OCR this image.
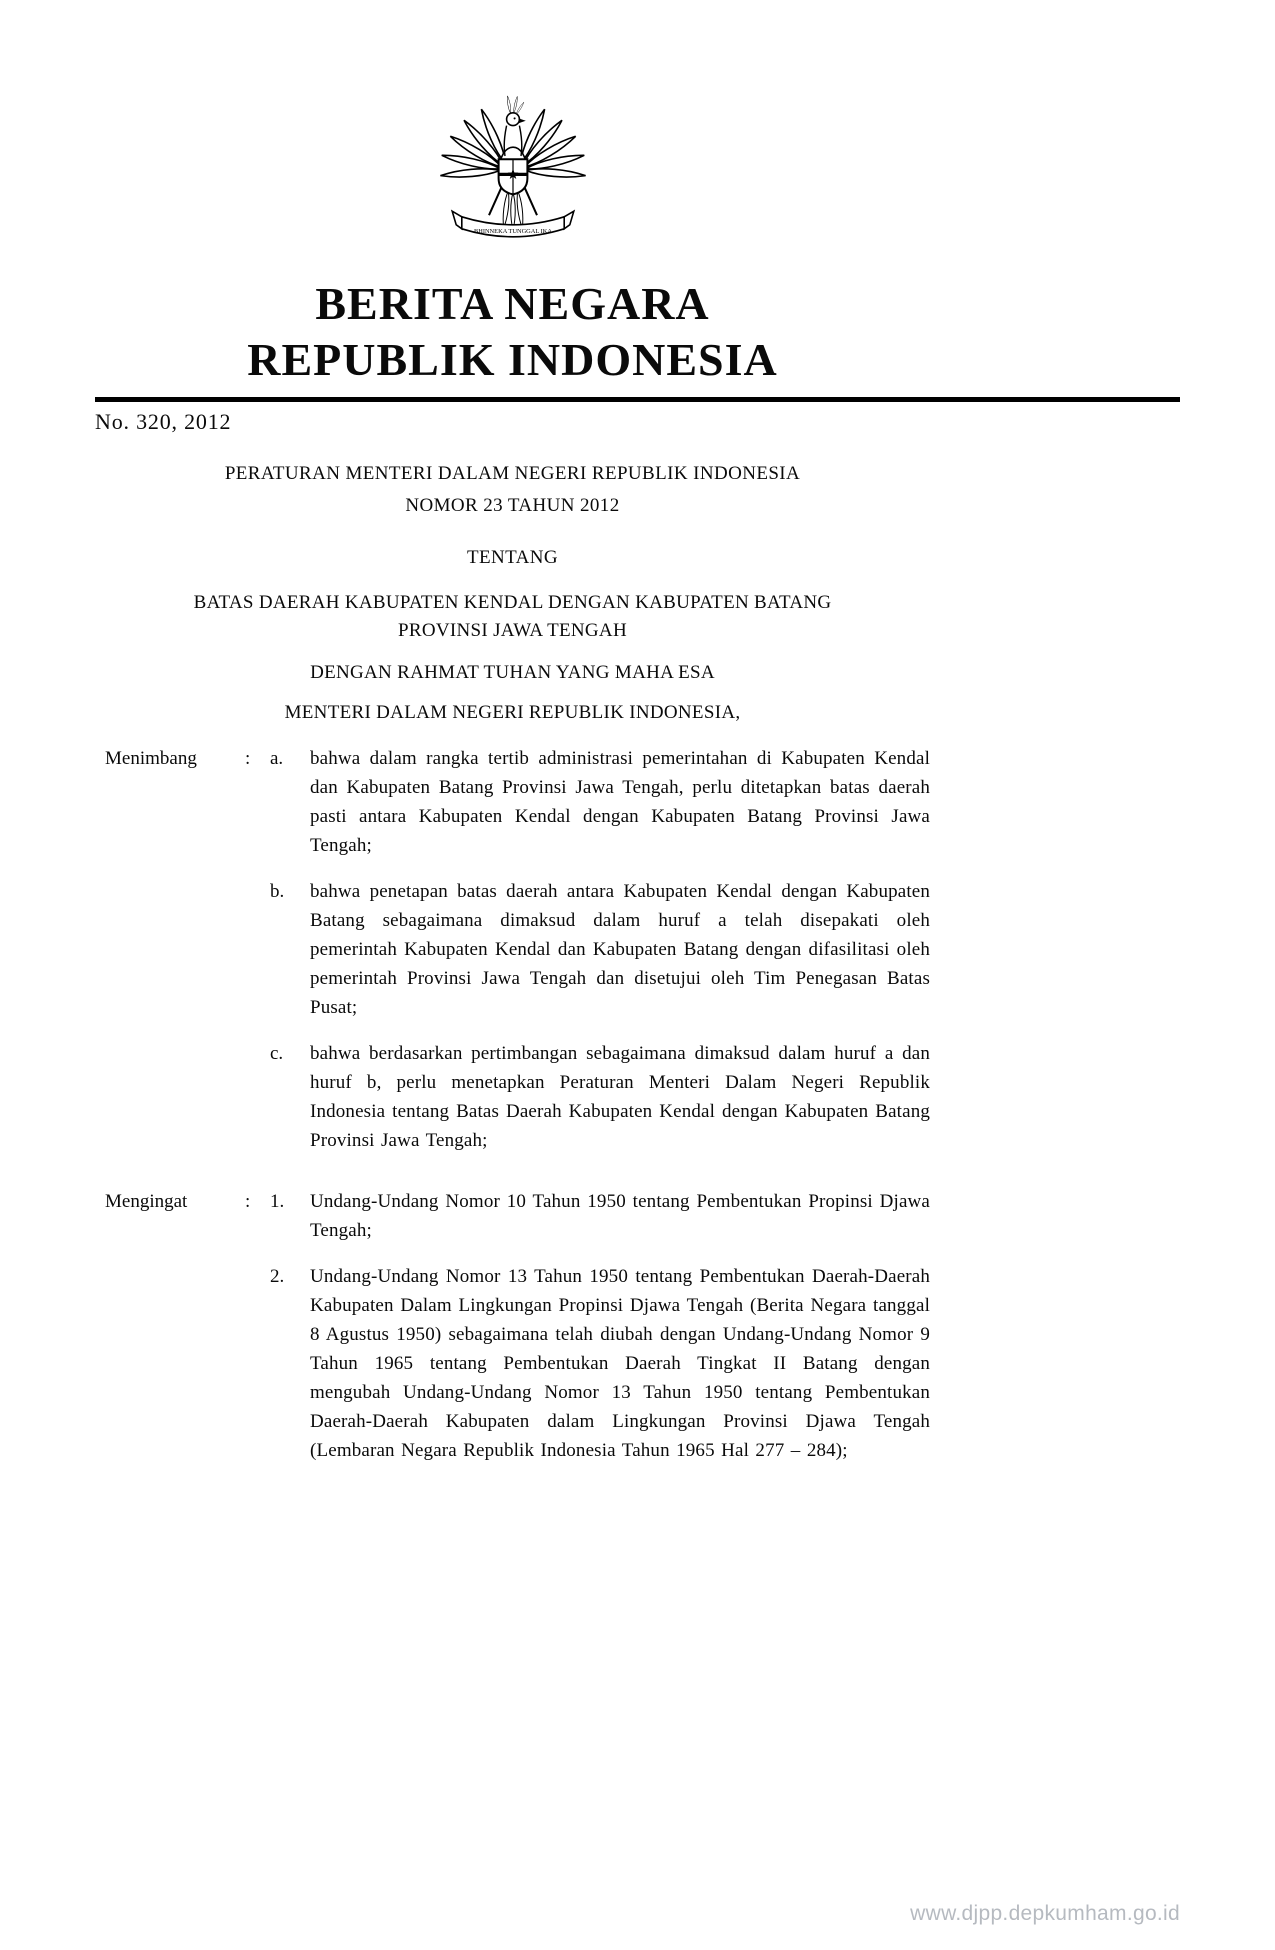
BHINNEKA TUNGGAL IKA
BERITA NEGARA
REPUBLIK INDONESIA
No. 320, 2012
PERATURAN MENTERI DALAM NEGERI REPUBLIK INDONESIA
NOMOR 23 TAHUN 2012
TENTANG
BATAS DAERAH KABUPATEN KENDAL DENGAN KABUPATEN BATANG
PROVINSI JAWA TENGAH
DENGAN RAHMAT TUHAN YANG MAHA ESA
MENTERI DALAM NEGERI REPUBLIK INDONESIA,
Menimbang	:	a.	bahwa dalam rangka tertib administrasi pemerintahan di Kabupaten Kendal dan Kabupaten Batang Provinsi Jawa Tengah, perlu ditetapkan batas daerah pasti antara Kabupaten Kendal dengan Kabupaten Batang Provinsi Jawa Tengah;
b.	bahwa penetapan batas daerah antara Kabupaten Kendal dengan Kabupaten Batang sebagaimana dimaksud dalam huruf a telah disepakati oleh pemerintah Kabupaten Kendal dan Kabupaten Batang dengan difasilitasi oleh pemerintah Provinsi Jawa Tengah dan disetujui oleh Tim Penegasan Batas Pusat;
c.	bahwa berdasarkan pertimbangan sebagaimana dimaksud dalam huruf a dan huruf b, perlu menetapkan Peraturan Menteri Dalam Negeri Republik Indonesia tentang Batas Daerah Kabupaten Kendal dengan Kabupaten Batang Provinsi Jawa Tengah;
Mengingat	:	1.	Undang-Undang Nomor 10 Tahun 1950 tentang Pembentukan Propinsi Djawa Tengah;
2.	Undang-Undang Nomor 13 Tahun 1950 tentang Pembentukan Daerah-Daerah Kabupaten Dalam Lingkungan Propinsi Djawa Tengah (Berita Negara tanggal 8 Agustus 1950) sebagaimana telah diubah dengan Undang-Undang Nomor 9 Tahun 1965 tentang Pembentukan Daerah Tingkat II Batang dengan mengubah Undang-Undang Nomor 13 Tahun 1950 tentang Pembentukan Daerah-Daerah Kabupaten dalam Lingkungan Provinsi Djawa Tengah (Lembaran Negara Republik Indonesia Tahun 1965 Hal 277 – 284);
www.djpp.depkumham.go.id
